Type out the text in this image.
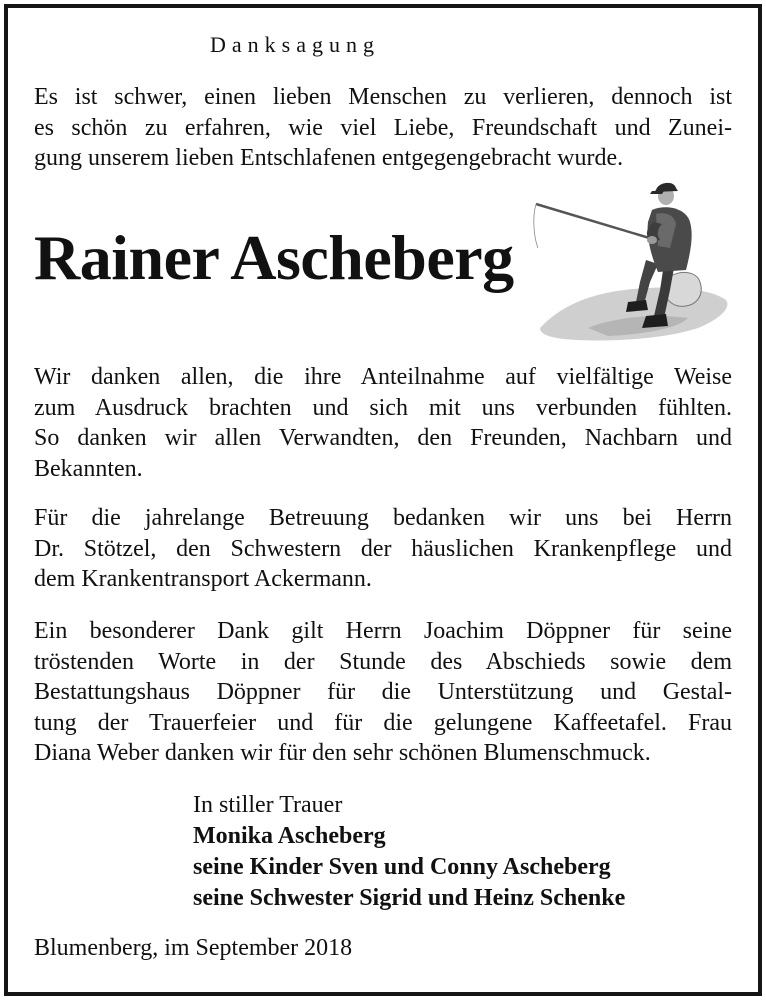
Danksagung
Es ist schwer, einen lieben Menschen zu verlieren, dennoch ist
es schön zu erfahren, wie viel Liebe, Freundschaft und Zunei-
gung unserem lieben Entschlafenen entgegengebracht wurde.
Rainer Ascheberg
Wir danken allen, die ihre Anteilnahme auf vielfältige Weise
zum Ausdruck brachten und sich mit uns verbunden fühlten.
So danken wir allen Verwandten, den Freunden, Nachbarn und
Bekannten.
Für die jahrelange Betreuung bedanken wir uns bei Herrn
Dr. Stötzel, den Schwestern der häuslichen Krankenpflege und
dem Krankentransport Ackermann.
Ein besonderer Dank gilt Herrn Joachim Döppner für seine
tröstenden Worte in der Stunde des Abschieds sowie dem
Bestattungshaus Döppner für die Unterstützung und Gestal-
tung der Trauerfeier und für die gelungene Kaffeetafel. Frau
Diana Weber danken wir für den sehr schönen Blumenschmuck.
In stiller Trauer
Monika Ascheberg
seine Kinder Sven und Conny Ascheberg
seine Schwester Sigrid und Heinz Schenke
Blumenberg, im September 2018
